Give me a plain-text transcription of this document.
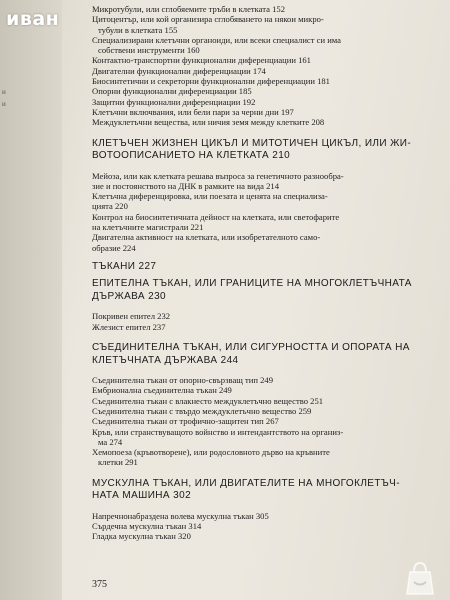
и
и
иван	Микротубули, или сглобяемите тръби в клетката 152
Цитоцентър, или кой организира сглобяването на някои микро-
тубули в клетката 155
Специализирани клетъчни органоиди, или всеки специалист си има
собствени инструменти 160
Контактно-транспортни функционални диференциации 161
Двигателни функционални диференциации 174
Биосинтетични и секреторни функционални диференциации 181
Опорни функционални диференциации 185
Защитни функционални диференциации 192
Клетъчни включвания, или бели пари за черни дни 197
Междуклетъчни вещества, или ничия земя между клетките 208
КЛЕТЪЧЕН ЖИЗНЕН ЦИКЪЛ И МИТОТИЧЕН ЦИКЪЛ, ИЛИ ЖИ-
ВОТООПИСАНИЕТО НА КЛЕТКАТА 210
Мейоза, или как клетката решава въпроса за генетичното разнообра-
зие и постоянството на ДНК в рамките на вида 214
Клетъчна диференцировка, или поезата и ценята на специализа-
цията 220
Контрол на биосинтетичната дейност на клетката, или светофарите
на клетъчните магистрали 221
Двигателна активност на клетката, или изобретателното само-
образие 224
ТЪКАНИ 227
ЕПИТЕЛНА ТЪКАН, ИЛИ ГРАНИЦИТЕ НА МНОГОКЛЕТЪЧНАТА
ДЪРЖАВА 230
Покривен епител 232
Жлезист епител 237
СЪЕДИНИТЕЛНА ТЪКАН, ИЛИ СИГУРНОСТТА И ОПОРАТА НА
КЛЕТЪЧНАТА ДЪРЖАВА 244
Съединителна тъкан от опорно-свързващ тип 249
Ембрионална съединителна тъкан 249
Съединителна тъкан с влакнесто междуклетъчно вещество 251
Съединителна тъкан с твърдо междуклетъчно вещество 259
Съединителна тъкан от трофично-защитен тип 267
Кръв, или странствуващото войнство и интендантството на организ-
ма 274
Хемопоеза (кръвотворене), или родословното дърво на кръвните
клетки 291
МУСКУЛНА ТЪКАН, ИЛИ ДВИГАТЕЛИТЕ НА МНОГОКЛЕТЪЧ-
НАТА МАШИНА 302
Напречнонабраздена волева мускулна тъкан 305
Сърдечна мускулна тъкан 314
Гладка мускулна тъкан 320
375
